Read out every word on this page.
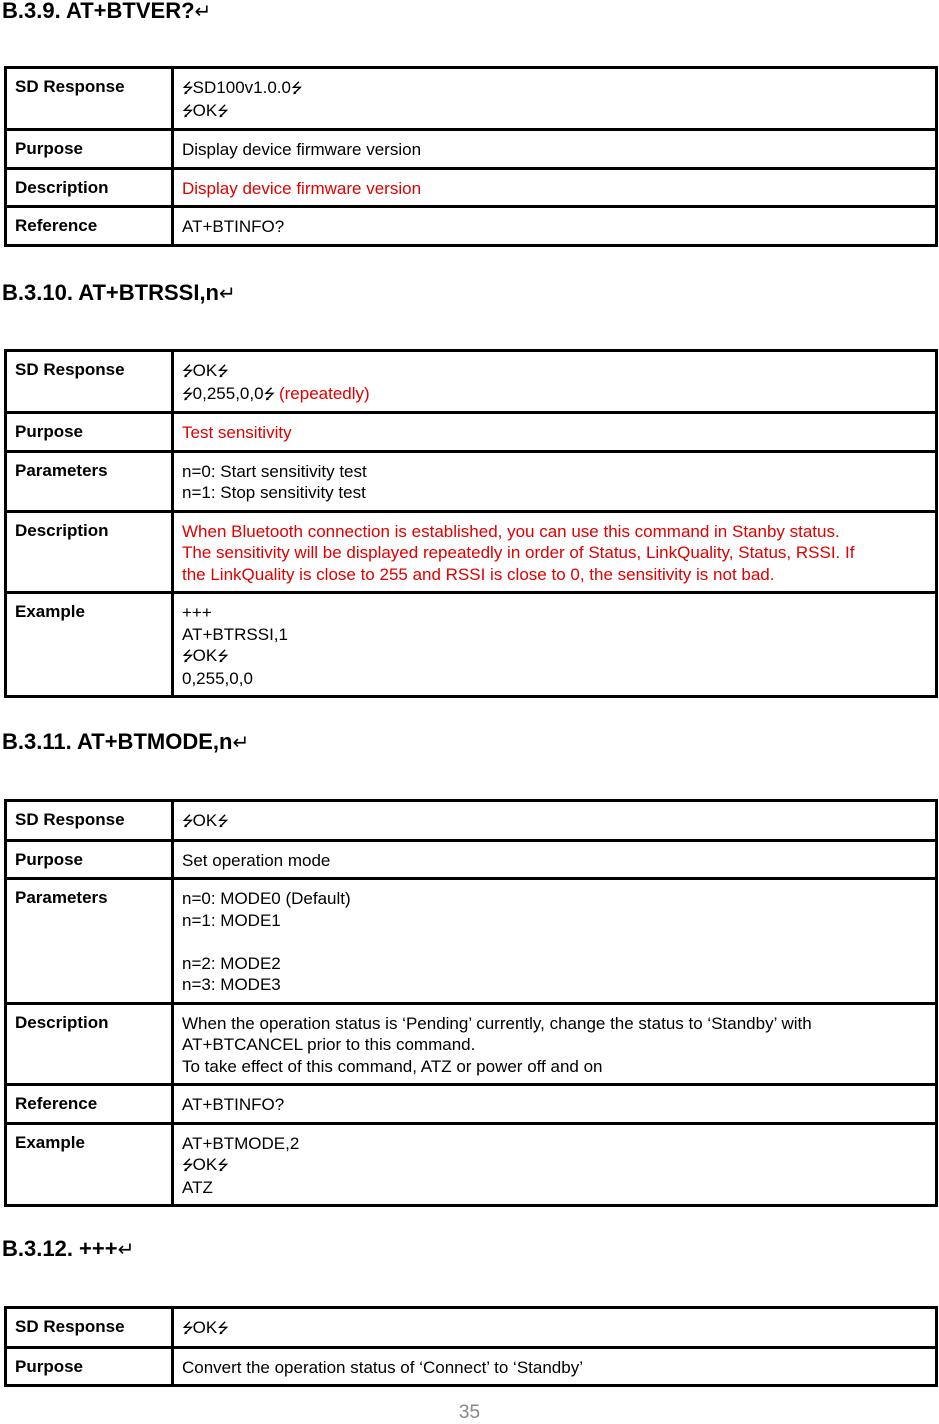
B.3.9. AT+BTVER?↵
SD Response	⭍SD100v1.0.0⭍
⭍OK⭍

Purpose	Display device firmware version

Description	Display device firmware version

Reference	AT+BTINFO?
B.3.10. AT+BTRSSI,n↵
SD Response	⭍OK⭍
⭍0,255,0,0⭍ (repeatedly)

Purpose	Test sensitivity

Parameters	n=0: Start sensitivity test
n=1: Stop sensitivity test

Description	When Bluetooth connection is established, you can use this command in Stanby status.
The sensitivity will be displayed repeatedly in order of Status, LinkQuality, Status, RSSI. If
the LinkQuality is close to 255 and RSSI is close to 0, the sensitivity is not bad.

Example	+++
AT+BTRSSI,1
⭍OK⭍
0,255,0,0
B.3.11. AT+BTMODE,n↵
SD Response	⭍OK⭍

Purpose	Set operation mode

Parameters	n=0: MODE0 (Default)
n=1: MODE1
n=2: MODE2
n=3: MODE3

Description	When the operation status is ‘Pending’ currently, change the status to ‘Standby’ with
AT+BTCANCEL prior to this command.
To take effect of this command, ATZ or power off and on

Reference	AT+BTINFO?

Example	AT+BTMODE,2
⭍OK⭍
ATZ
B.3.12. +++↵
SD Response	⭍OK⭍

Purpose	Convert the operation status of ‘Connect’ to ‘Standby’
35
